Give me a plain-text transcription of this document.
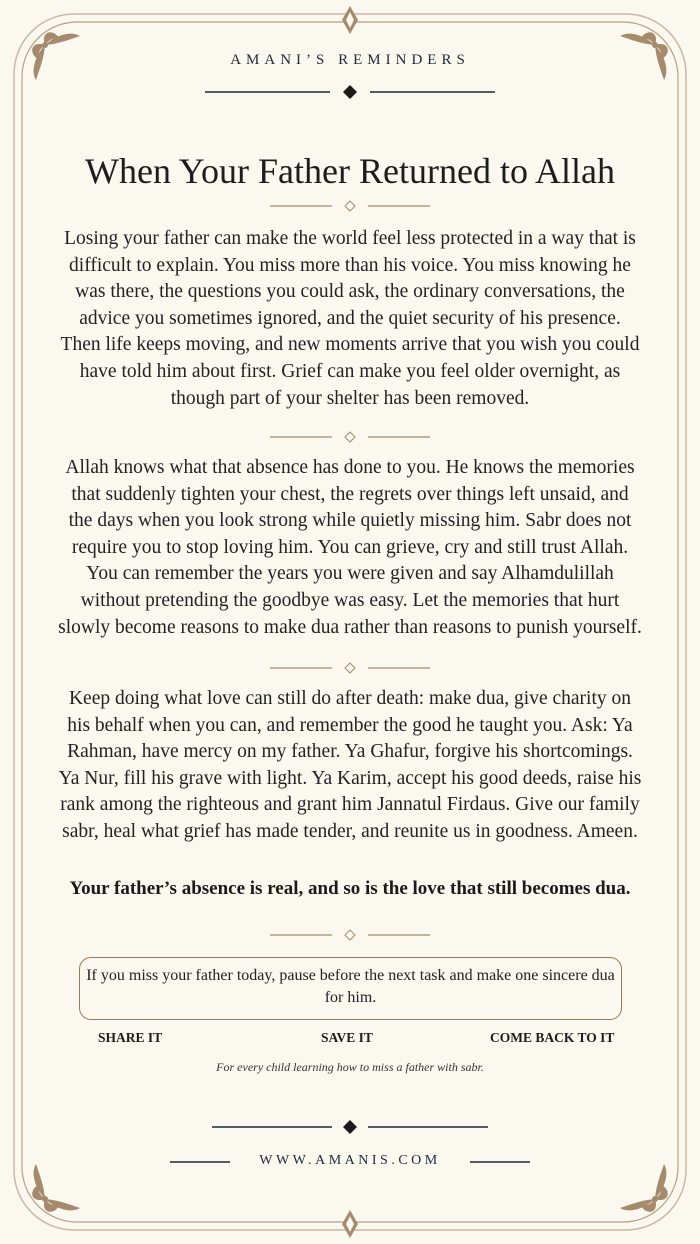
AMANI’S REMINDERS
When Your Father Returned to Allah
Losing your father can make the world feel less protected in a way that is difficult to explain. You miss more than his voice. You miss knowing he was there, the questions you could ask, the ordinary conversations, the advice you sometimes ignored, and the quiet security of his presence. Then life keeps moving, and new moments arrive that you wish you could have told him about first. Grief can make you feel older overnight, as though part of your shelter has been removed.
Allah knows what that absence has done to you. He knows the memories that suddenly tighten your chest, the regrets over things left unsaid, and the days when you look strong while quietly missing him. Sabr does not require you to stop loving him. You can grieve, cry and still trust Allah. You can remember the years you were given and say Alhamdulillah without pretending the goodbye was easy. Let the memories that hurt slowly become reasons to make dua rather than reasons to punish yourself.
Keep doing what love can still do after death: make dua, give charity on his behalf when you can, and remember the good he taught you. Ask: Ya Rahman, have mercy on my father. Ya Ghafur, forgive his shortcomings. Ya Nur, fill his grave with light. Ya Karim, accept his good deeds, raise his rank among the righteous and grant him Jannatul Firdaus. Give our family sabr, heal what grief has made tender, and reunite us in goodness. Ameen.
Your father’s absence is real, and so is the love that still becomes dua.
If you miss your father today, pause before the next task and make one sincere dua for him.
SHARE IT	SAVE IT	COME BACK TO IT
For every child learning how to miss a father with sabr.
WWW.AMANIS.COM
